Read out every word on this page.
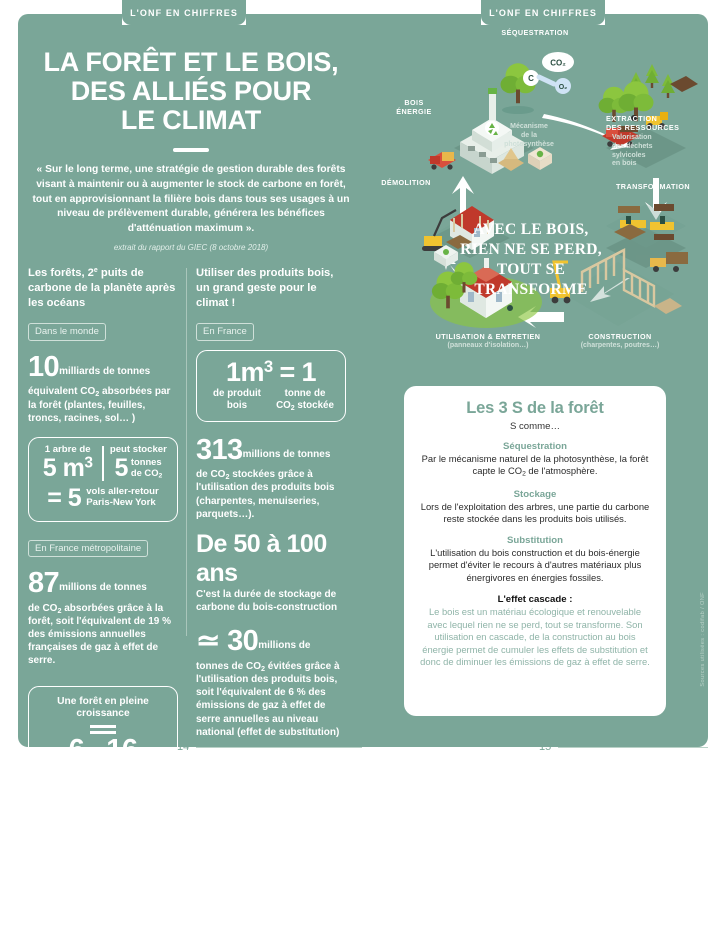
L'ONF EN CHIFFRES	L'ONF EN CHIFFRES
LA FORÊT ET LE BOIS,
DES ALLIÉS POUR
LE CLIMAT
« Sur le long terme, une stratégie de gestion durable des forêts visant à maintenir ou à augmenter le stock de carbone en forêt, tout en approvisionnant la filière bois dans tous ses usages à un niveau de prélèvement durable, générera les bénéfices d'atténuation maximum ».
extrait du rapport du GIEC (8 octobre 2018)
Les forêts, 2e puits de carbone de la planète après les océans
Dans le monde
10milliards de tonnes
équivalent $CO_2$ absorbées par la forêt (plantes, feuilles, troncs, racines, sol… )
1 arbre de
5 $m^3$
peut stocker
5 tonnes
de $CO_2$
= 5 vols aller-retour
Paris-New York
En France métropolitaine
87millions de tonnes
de $CO_2$ absorbées grâce à la forêt, soit l'équivalent de 19 % des émissions annuelles françaises de gaz à effet de serre.
Une forêt en pleine croissance
6 à 16
tonnes de $CO_2$
absorbées par hectare
et par an.
Utiliser des produits bois, un grand geste pour le climat !
En France
$1m^3 = 1$
de produit
bois
tonne de
$CO_2$ stockée
313millions de tonnes
de $CO_2$ stockées grâce à l'utilisation des produits bois (charpentes, menuiseries, parquets…).
De 50 à 100 ans
C'est la durée de stockage de carbone du bois-construction
≃ 30millions de
tonnes de $CO_2$ évitées grâce à l'utilisation des produits bois, soit l'équivalent de 6 % des émissions de gaz à effet de serre annuelles au niveau national (effet de substitution)
1
tonne de
bois-construction
utilisée
en alternative
à d'autres
matériaux
1,6
tonne de
$CO_2$ évitées
1
tonne de
bois-énergie
utilisée
en alternative
aux énergies
fossiles
0,5
tonne de
$CO_2$ évitée
CO₂
C
O₂
SÉQUESTRATION
Mécanisme
de la
photosynthèse
EXTRACTION
DES RESSOURCES
Valorisation
des déchets
sylvicoles
en bois
TRANSFORMATION
CONSTRUCTION
(charpentes, poutres…)
UTILISATION & ENTRETIEN
(panneaux d'isolation…)
DÉMOLITION
BOIS
ÉNERGIE
AVEC LE BOIS,
RIEN NE SE PERD,
TOUT SE
TRANSFORME
Les 3 S de la forêt
S comme…
Séquestration
Par le mécanisme naturel de la photosynthèse, la forêt capte le $CO_2$ de l'atmosphère.
Stockage
Lors de l'exploitation des arbres, une partie du carbone reste stockée dans les produits bois utilisés.
Substitution
L'utilisation du bois construction et du bois-énergie permet d'éviter le recours à d'autres matériaux plus énergivores en énergies fossiles.
L'effet cascade :
Le bois est un matériau écologique et renouvelable avec lequel rien ne se perd, tout se transforme. Son utilisation en cascade, de la construction au bois énergie permet de cumuler les effets de substitution et donc de diminuer les émissions de gaz à effet de serre.	Sources utilisées : codifab / ONF
14	15
